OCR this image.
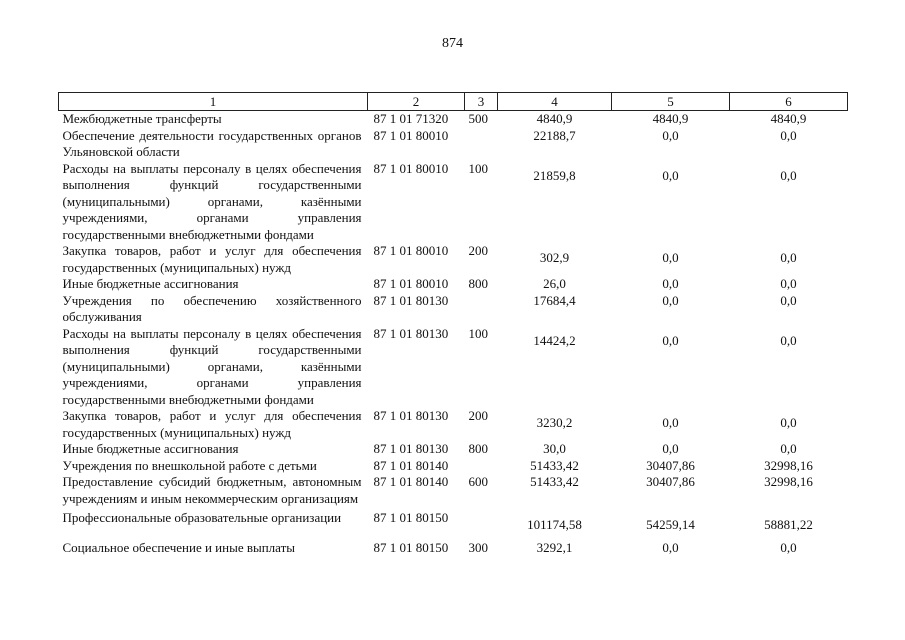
874
1	2	3	4	5	6
Межбюджетные трансферты	87 1 01 71320	500	4840,9	4840,9	4840,9
Обеспечение деятельности государственных органов Ульяновской области	87 1 01 80010		22188,7	0,0	0,0
Расходы на выплаты персоналу в целях обеспечения выполнения функций государственными (муниципальными) органами, казёнными учреждениями, органами управления государственными внебюджетными фондами	87 1 01 80010	100	21859,8	0,0	0,0
Закупка товаров, работ и услуг для обеспечения государственных (муниципальных) нужд	87 1 01 80010	200	302,9	0,0	0,0
Иные бюджетные ассигнования	87 1 01 80010	800	26,0	0,0	0,0
Учреждения по обеспечению хозяйственного обслуживания	87 1 01 80130		17684,4	0,0	0,0
Расходы на выплаты персоналу в целях обеспечения выполнения функций государственными (муниципальными) органами, казёнными учреждениями, органами управления государственными внебюджетными фондами	87 1 01 80130	100	14424,2	0,0	0,0
Закупка товаров, работ и услуг для обеспечения государственных (муниципальных) нужд	87 1 01 80130	200	3230,2	0,0	0,0
Иные бюджетные ассигнования	87 1 01 80130	800	30,0	0,0	0,0
Учреждения по внешкольной работе с детьми	87 1 01 80140		51433,42	30407,86	32998,16
Предоставление субсидий бюджетным, автономным учреждениям и иным некоммерческим организациям	87 1 01 80140	600	51433,42	30407,86	32998,16
Профессиональные образовательные организации	87 1 01 80150		101174,58	54259,14	58881,22

Социальное обеспечение и иные выплаты	87 1 01 80150	300	3292,1	0,0	0,0
